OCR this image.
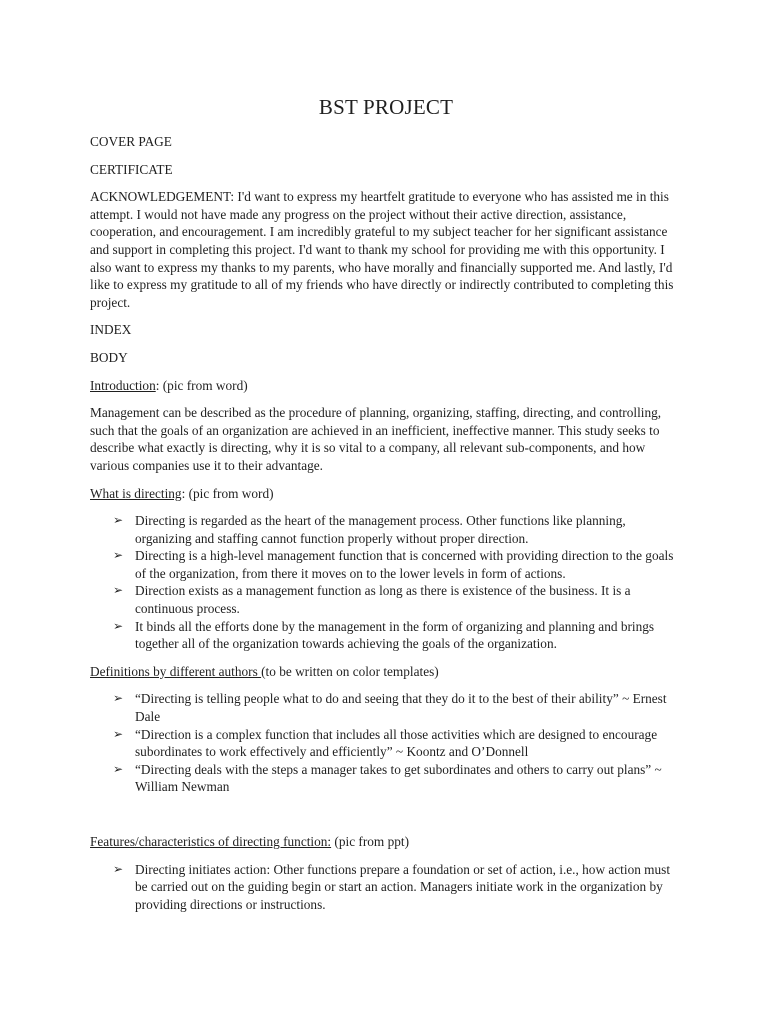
BST PROJECT

COVER PAGE

CERTIFICATE

ACKNOWLEDGEMENT: I'd want to express my heartfelt gratitude to everyone who has assisted me in this attempt. I would not have made any progress on the project without their active direction, assistance, cooperation, and encouragement. I am incredibly grateful to my subject teacher for her significant assistance and support in completing this project. I'd want to thank my school for providing me with this opportunity. I also want to express my thanks to my parents, who have morally and financially supported me. And lastly, I'd like to express my gratitude to all of my friends who have directly or indirectly contributed to completing this project.

INDEX

BODY

Introduction: (pic from word)

Management can be described as the procedure of planning, organizing, staffing, directing, and controlling, such that the goals of an organization are achieved in an inefficient, ineffective manner. This study seeks to describe what exactly is directing, why it is so vital to a company, all relevant sub-components, and how various companies use it to their advantage.

What is directing: (pic from word)

➢ Directing is regarded as the heart of the management process. Other functions like planning, organizing and staffing cannot function properly without proper direction.
➢ Directing is a high-level management function that is concerned with providing direction to the goals of the organization, from there it moves on to the lower levels in form of actions.
➢ Direction exists as a management function as long as there is existence of the business. It is a continuous process.
➢ It binds all the efforts done by the management in the form of organizing and planning and brings together all of the organization towards achieving the goals of the organization.

Definitions by different authors (to be written on color templates)

➢ “Directing is telling people what to do and seeing that they do it to the best of their ability” ~ Ernest Dale
➢ “Direction is a complex function that includes all those activities which are designed to encourage subordinates to work effectively and efficiently” ~ Koontz and O’Donnell
➢ “Directing deals with the steps a manager takes to get subordinates and others to carry out plans” ~ William Newman

Features/characteristics of directing function: (pic from ppt)

➢ Directing initiates action: Other functions prepare a foundation or set of action, i.e., how action must be carried out on the guiding begin or start an action. Managers initiate work in the organization by providing directions or instructions.
